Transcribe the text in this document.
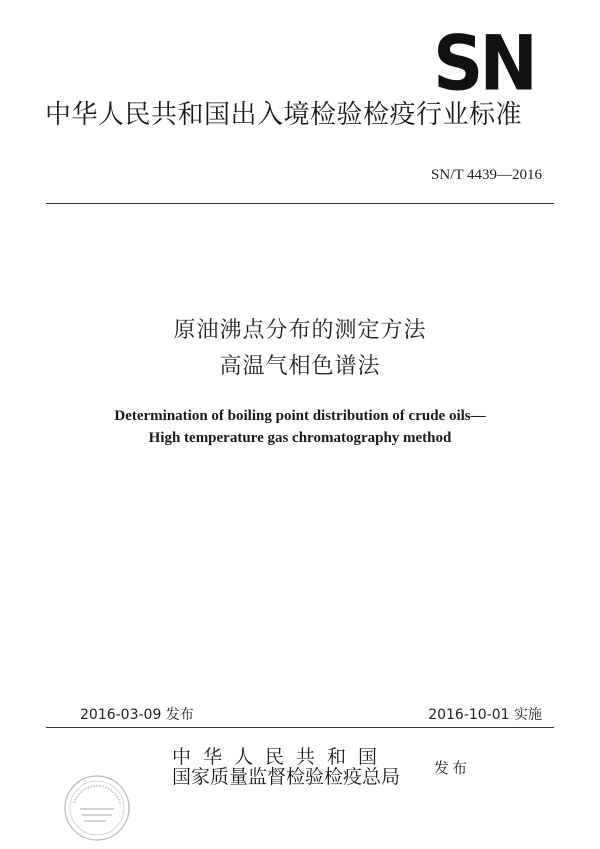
SN
中华人民共和国出入境检验检疫行业标准
SN/T 4439—2016
原油沸点分布的测定方法
高温气相色谱法
Determination of boiling point distribution of crude oils—
High temperature gas chromatography method
2016-03-09 发布	2016-10-01 实施
中华人民共和国
国家质量监督检验检疫总局 发布
